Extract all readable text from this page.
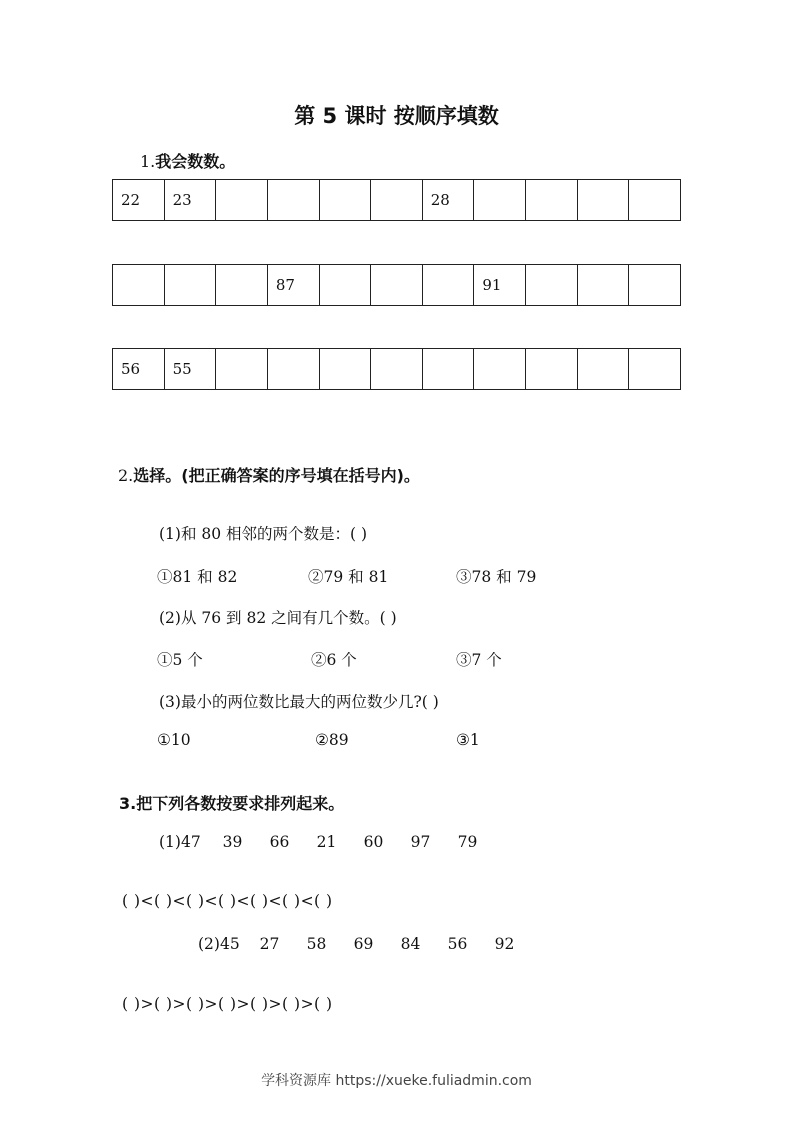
第 5 课时 按顺序填数
1.我会数数。
22	23					28				
			87				91			
56	55									
2.选择。(把正确答案的序号填在括号内)。
(1)和 80 相邻的两个数是：( )
①81 和 82	②79 和 81	③78 和 79
(2)从 76 到 82 之间有几个数。( )
①5 个	②6 个	③7 个
(3)最小的两位数比最大的两位数少几?( )
①10	②89	③1
3.把下列各数按要求排列起来。
(1)47 39 66 21 60 97 79
( )<( )<( )<( )<( )<( )<( )
(2)45 27 58 69 84 56 92
( )>( )>( )>( )>( )>( )>( )
学科资源库 https://xueke.fuliadmin.com
